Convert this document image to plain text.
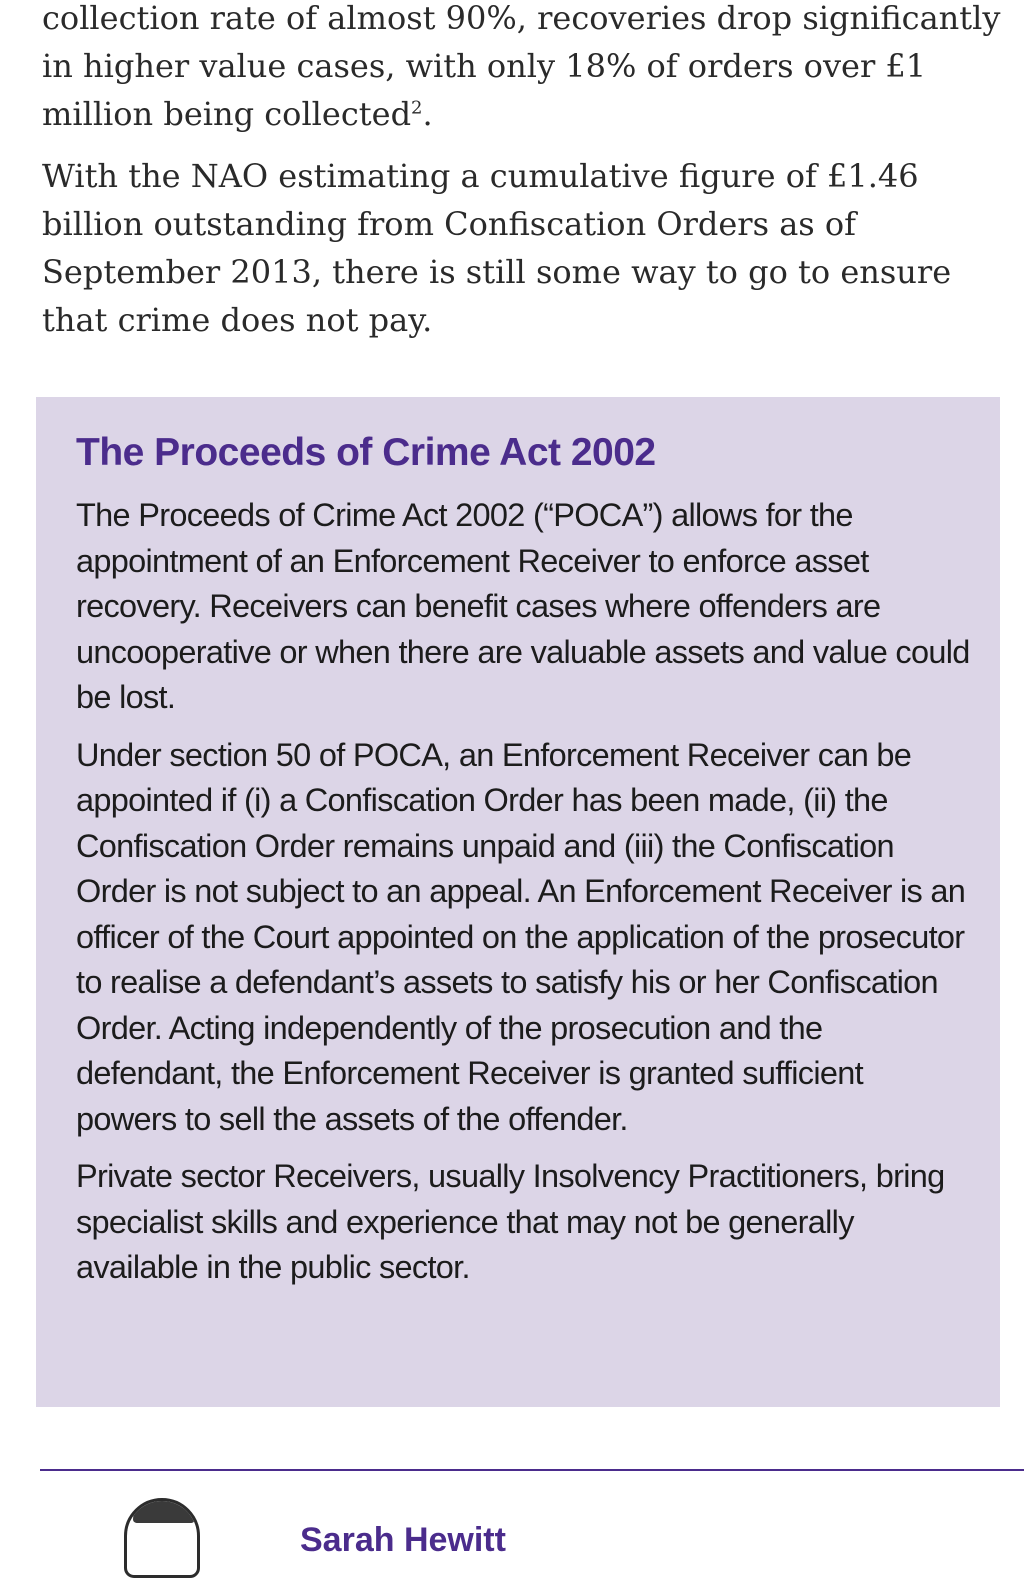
collection rate of almost 90%, recoveries drop significantly in higher value cases, with only 18% of orders over £1 million being collected$^2$.

With the NAO estimating a cumulative figure of £1.46 billion outstanding from Confiscation Orders as of September 2013, there is still some way to go to ensure that crime does not pay.

The Proceeds of Crime Act 2002

The Proceeds of Crime Act 2002 (“POCA”) allows for the appointment of an Enforcement Receiver to enforce asset recovery. Receivers can benefit cases where offenders are uncooperative or when there are valuable assets and value could be lost.

Under section 50 of POCA, an Enforcement Receiver can be appointed if (i) a Confiscation Order has been made, (ii) the Confiscation Order remains unpaid and (iii) the Confiscation Order is not subject to an appeal. An Enforcement Receiver is an officer of the Court appointed on the application of the prosecutor to realise a defendant’s assets to satisfy his or her Confiscation Order. Acting independently of the prosecution and the defendant, the Enforcement Receiver is granted sufficient powers to sell the assets of the offender.

Private sector Receivers, usually Insolvency Practitioners, bring specialist skills and experience that may not be generally available in the public sector.

Sarah Hewitt
